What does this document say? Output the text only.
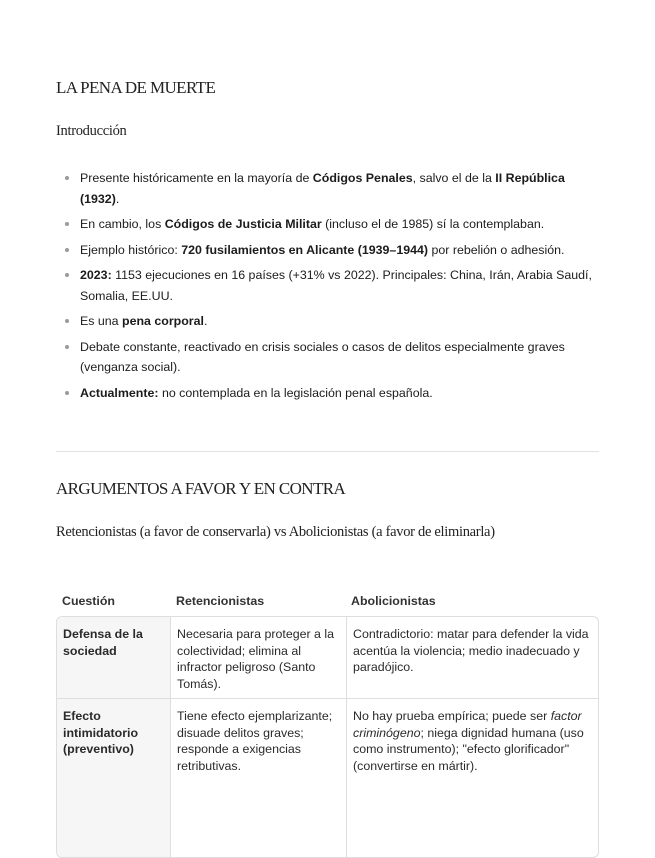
LA PENA DE MUERTE
Introducción
Presente históricamente en la mayoría de Códigos Penales, salvo el de la II República (1932).
En cambio, los Códigos de Justicia Militar (incluso el de 1985) sí la contemplaban.
Ejemplo histórico: 720 fusilamientos en Alicante (1939–1944) por rebelión o adhesión.
2023: 1153 ejecuciones en 16 países (+31% vs 2022). Principales: China, Irán, Arabia Saudí, Somalia, EE.UU.
Es una pena corporal.
Debate constante, reactivado en crisis sociales o casos de delitos especialmente graves (venganza social).
Actualmente: no contemplada en la legislación penal española.
ARGUMENTOS A FAVOR Y EN CONTRA
Retencionistas (a favor de conservarla) vs Abolicionistas (a favor de eliminarla)
Cuestión	Retencionistas	Abolicionistas
Defensa de la sociedad
Necesaria para proteger a la colectividad; elimina al infractor peligroso (Santo Tomás).
Contradictorio: matar para defender la vida acentúa la violencia; medio inadecuado y paradójico.
Efecto intimidatorio (preventivo)
Tiene efecto ejemplarizante; disuade delitos graves; responde a exigencias retributivas.
No hay prueba empírica; puede ser factor criminógeno; niega dignidad humana (uso como instrumento); "efecto glorificador" (convertirse en mártir).
